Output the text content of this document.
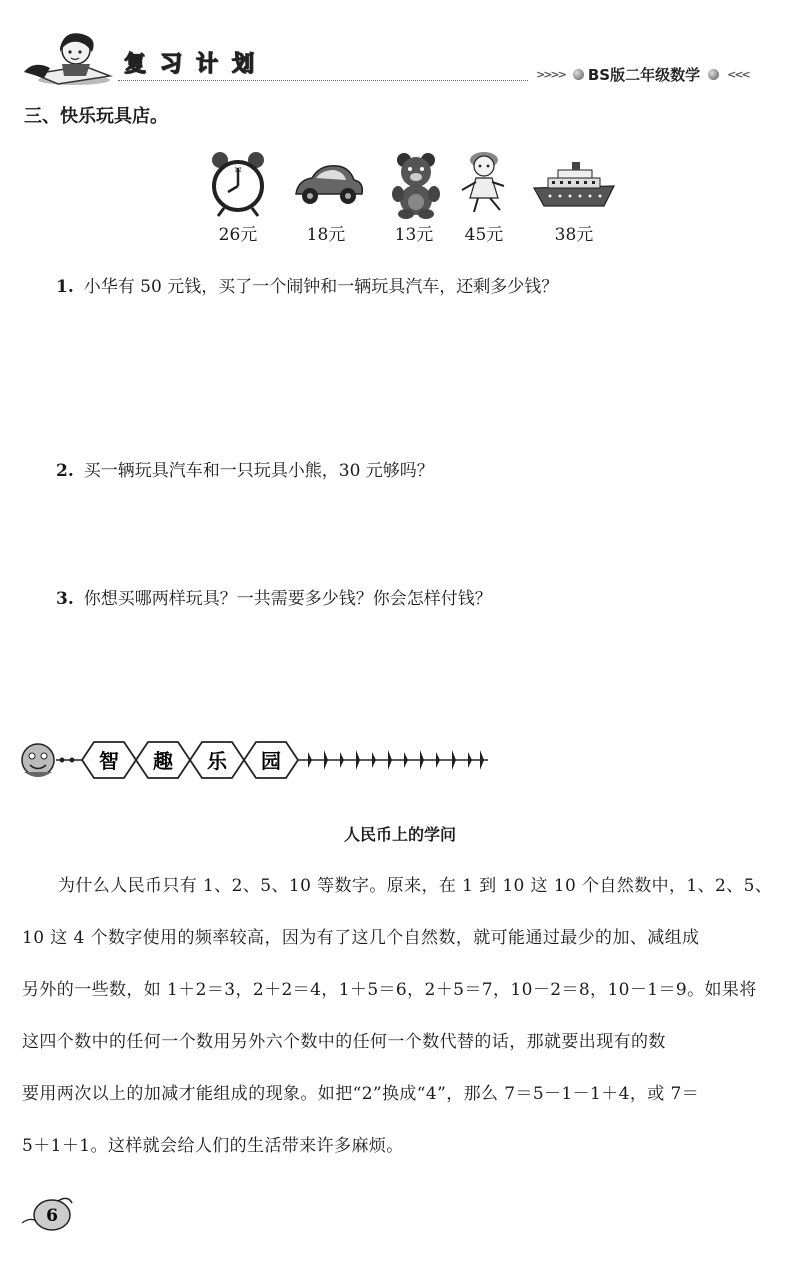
复 习 计 划	>>>> BS版二年级数学 <<<
三、快乐玩具店。
12
26元	18元	13元	45元	38元
1. 小华有 50 元钱，买了一个闹钟和一辆玩具汽车，还剩多少钱？
2. 买一辆玩具汽车和一只玩具小熊，30 元够吗？
3. 你想买哪两样玩具？一共需要多少钱？你会怎样付钱？
智 趣 乐 园
人民币上的学问

为什么人民币只有 1、2、5、10 等数字。原来，在 1 到 10 这 10 个自然数中，1、2、5、

10 这 4 个数字使用的频率较高，因为有了这几个自然数，就可能通过最少的加、减组成

另外的一些数，如 1＋2＝3，2＋2＝4，1＋5＝6，2＋5＝7，10－2＝8，10－1＝9。如果将

这四个数中的任何一个数用另外六个数中的任何一个数代替的话，那就要出现有的数

要用两次以上的加减才能组成的现象。如把“2”换成“4”，那么 7＝5－1－1＋4，或 7＝

5＋1＋1。这样就会给人们的生活带来许多麻烦。

6
